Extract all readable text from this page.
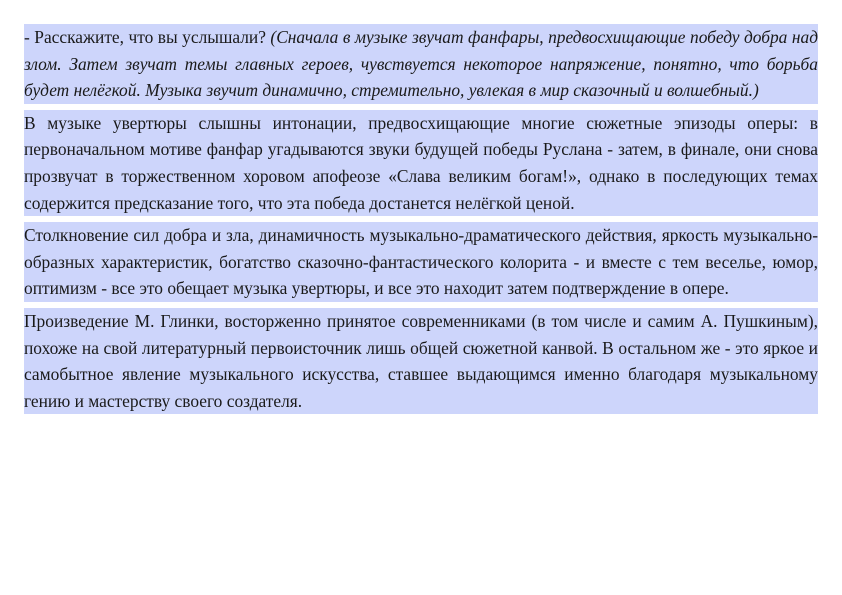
- Расскажите, что вы услышали? (Сначала в музыке звучат фанфары, предвосхищающие победу добра над злом. Затем звучат темы главных героев, чувствуется некоторое напряжение, понятно, что борьба будет нелёгкой. Музыка звучит динамично, стремительно, увлекая в мир сказочный и волшебный.)

В музыке увертюры слышны интонации, предвосхищающие многие сюжетные эпизоды оперы: в первоначальном мотиве фанфар угадываются звуки будущей победы Руслана - затем, в финале, они снова прозвучат в торжественном хоровом апофеозе «Слава великим богам!», однако в последующих темах содержится предсказание того, что эта победа достанется нелёгкой ценой.

Столкновение сил добра и зла, динамичность музыкально-драматического действия, яркость музыкально-образных характеристик, богатство сказочно-фантастического колорита - и вместе с тем веселье, юмор, оптимизм - все это обещает музыка увертюры, и все это находит затем подтверждение в опере.

Произведение М. Глинки, восторженно принятое современниками (в том числе и самим А. Пушкиным), похоже на свой литературный первоисточник лишь общей сюжетной канвой. В остальном же - это яркое и самобытное явление музыкального искусства, ставшее выдающимся именно благодаря музыкальному гению и мастерству своего создателя.
